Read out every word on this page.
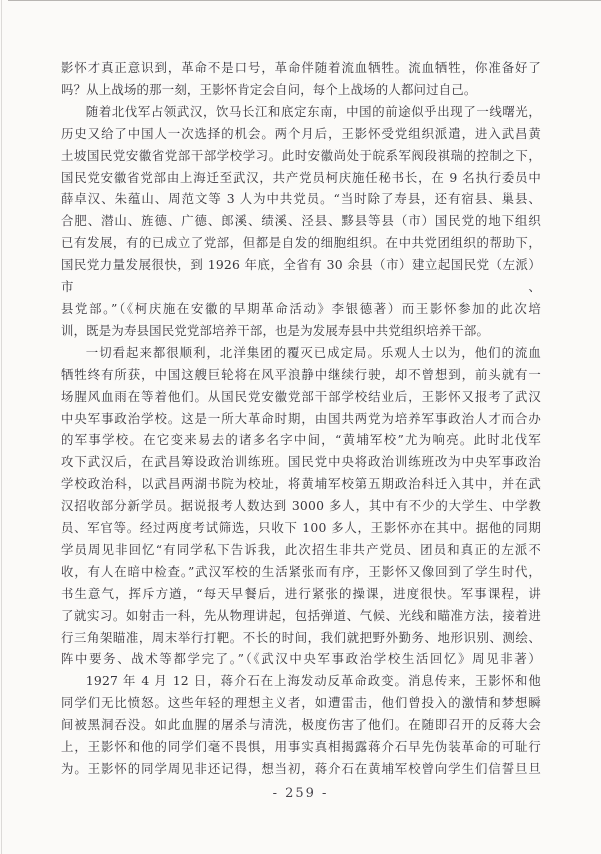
影怀才真正意识到，革命不是口号，革命伴随着流血牺牲。流血牺牲，你准备好了
吗？从上战场的那一刻，王影怀肯定会自问，每个上战场的人都问过自己。
随着北伐军占领武汉，饮马长江和底定东南，中国的前途似乎出现了一线曙光，
历史又给了中国人一次选择的机会。两个月后，王影怀受党组织派遣，进入武昌黄
土坡国民党安徽省党部干部学校学习。此时安徽尚处于皖系军阀段祺瑞的控制之下，
国民党安徽省党部由上海迁至武汉，共产党员柯庆施任秘书长，在 9 名执行委员中
薛卓汉、朱蕴山、周范文等 3 人为中共党员。“当时除了寿县，还有宿县、巢县、
合肥、潜山、旌德、广德、郎溪、绩溪、泾县、黟县等县（市）国民党的地下组织
已有发展，有的已成立了党部，但都是自发的细胞组织。在中共党团组织的帮助下，
国民党力量发展很快，到 1926 年底，全省有 30 余县（市）建立起国民党（左派）市、
县党部。”（《柯庆施在安徽的早期革命活动》李银德著）而王影怀参加的此次培
训，既是为寿县国民党党部培养干部，也是为发展寿县中共党组织培养干部。
一切看起来都很顺利，北洋集团的覆灭已成定局。乐观人士以为，他们的流血
牺牲终有所获，中国这艘巨轮将在风平浪静中继续行驶，却不曾想到，前头就有一
场腥风血雨在等着他们。从国民党安徽党部干部学校结业后，王影怀又报考了武汉
中央军事政治学校。这是一所大革命时期，由国共两党为培养军事政治人才而合办
的军事学校。在它变来易去的诸多名字中间，“黄埔军校”尤为响亮。此时北伐军
攻下武汉后，在武昌筹设政治训练班。国民党中央将政治训练班改为中央军事政治
学校政治科，以武昌两湖书院为校址，将黄埔军校第五期政治科迁入其中，并在武
汉招收部分新学员。据说报考人数达到 3000 多人，其中有不少的大学生、中学教
员、军官等。经过两度考试筛选，只收下 100 多人，王影怀亦在其中。据他的同期
学员周见非回忆“有同学私下告诉我，此次招生非共产党员、团员和真正的左派不
收，有人在暗中检查。”武汉军校的生活紧张而有序，王影怀又像回到了学生时代，
书生意气，挥斥方遒，“每天早餐后，进行紧张的操课，进度很快。军事课程，讲
了就实习。如射击一科，先从物理讲起，包括弹道、气候、光线和瞄准方法，接着进
行三角架瞄准，周末举行打靶。不长的时间，我们就把野外勤务、地形识别、测绘、
阵中要务、战术等都学完了。”（《武汉中央军事政治学校生活回忆》周见非著）
1927 年 4 月 12 日，蒋介石在上海发动反革命政变。消息传来，王影怀和他
同学们无比愤怒。这些年轻的理想主义者，如遭雷击，他们曾投入的激情和梦想瞬
间被黑洞吞没。如此血腥的屠杀与清洗，极度伤害了他们。在随即召开的反蒋大会
上，王影怀和他的同学们毫不畏惧，用事实真相揭露蒋介石早先伪装革命的可耻行
为。王影怀的同学周见非还记得，想当初，蒋介石在黄埔军校曾向学生们信誓旦旦
- 259 -
